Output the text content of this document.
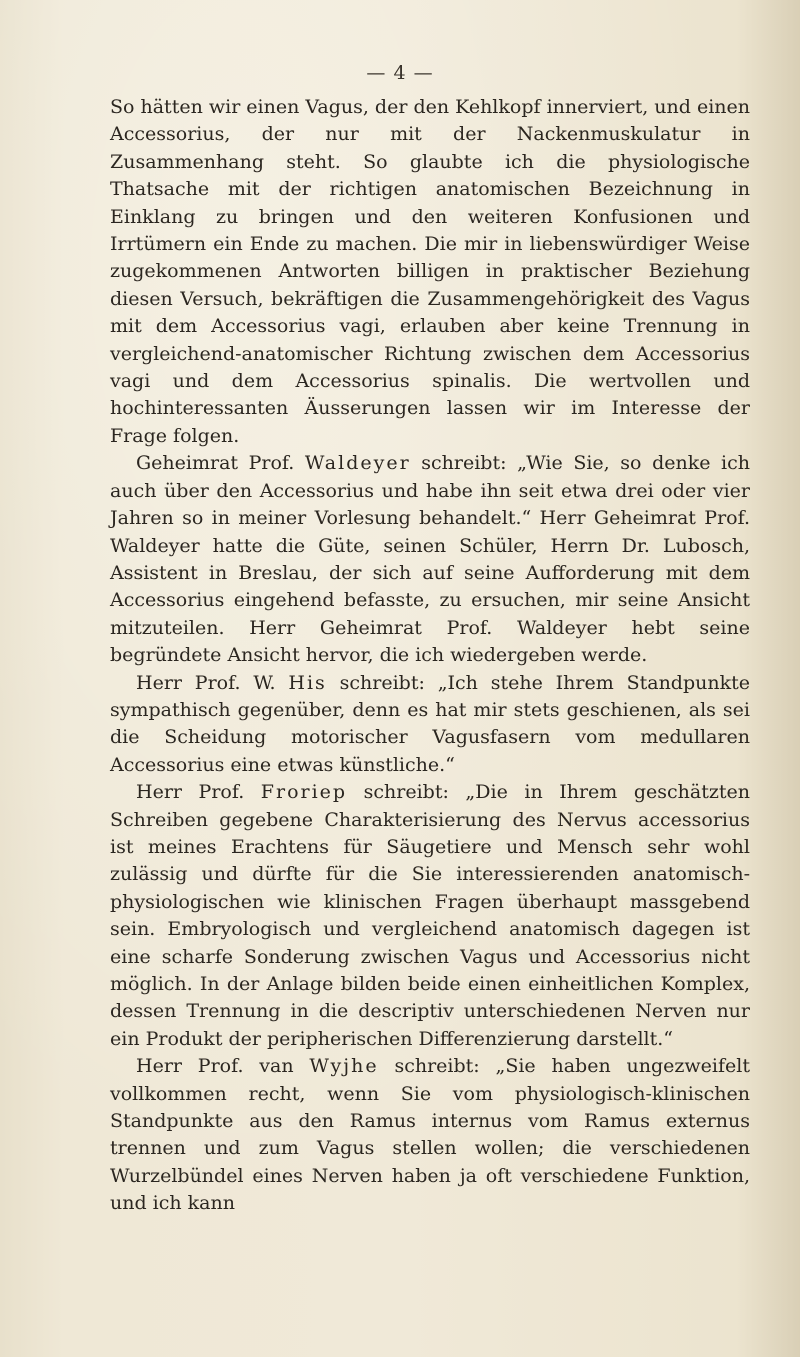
— 4 —

So hätten wir einen Vagus, der den Kehlkopf innerviert, und einen Accessorius, der nur mit der Nackenmuskulatur in Zusammenhang steht. So glaubte ich die physiologische Thatsache mit der richtigen anatomischen Bezeichnung in Einklang zu bringen und den weiteren Konfusionen und Irrtümern ein Ende zu machen. Die mir in liebenswürdiger Weise zugekommenen Antworten billigen in praktischer Beziehung diesen Versuch, bekräftigen die Zusammengehörigkeit des Vagus mit dem Accessorius vagi, erlauben aber keine Trennung in vergleichend-anatomischer Richtung zwischen dem Accessorius vagi und dem Accessorius spinalis. Die wertvollen und hochinteressanten Äusserungen lassen wir im Interesse der Frage folgen.

Geheimrat Prof. Waldeyer schreibt: „Wie Sie, so denke ich auch über den Accessorius und habe ihn seit etwa drei oder vier Jahren so in meiner Vorlesung behandelt.“ Herr Geheimrat Prof. Waldeyer hatte die Güte, seinen Schüler, Herrn Dr. Lubosch, Assistent in Breslau, der sich auf seine Aufforderung mit dem Accessorius eingehend befasste, zu ersuchen, mir seine Ansicht mitzuteilen. Herr Geheimrat Prof. Waldeyer hebt seine begründete Ansicht hervor, die ich wiedergeben werde.

Herr Prof. W. His schreibt: „Ich stehe Ihrem Standpunkte sympathisch gegenüber, denn es hat mir stets geschienen, als sei die Scheidung motorischer Vagusfasern vom medullaren Accessorius eine etwas künstliche.“

Herr Prof. Froriep schreibt: „Die in Ihrem geschätzten Schreiben gegebene Charakterisierung des Nervus accessorius ist meines Erachtens für Säugetiere und Mensch sehr wohl zulässig und dürfte für die Sie interessierenden anatomisch-physiologischen wie klinischen Fragen überhaupt massgebend sein. Embryologisch und vergleichend anatomisch dagegen ist eine scharfe Sonderung zwischen Vagus und Accessorius nicht möglich. In der Anlage bilden beide einen einheitlichen Komplex, dessen Trennung in die descriptiv unterschiedenen Nerven nur ein Produkt der peripherischen Differenzierung darstellt.“

Herr Prof. van Wyjhe schreibt: „Sie haben ungezweifelt vollkommen recht, wenn Sie vom physiologisch-klinischen Standpunkte aus den Ramus internus vom Ramus externus trennen und zum Vagus stellen wollen; die verschiedenen Wurzelbündel eines Nerven haben ja oft verschiedene Funktion, und ich kann
